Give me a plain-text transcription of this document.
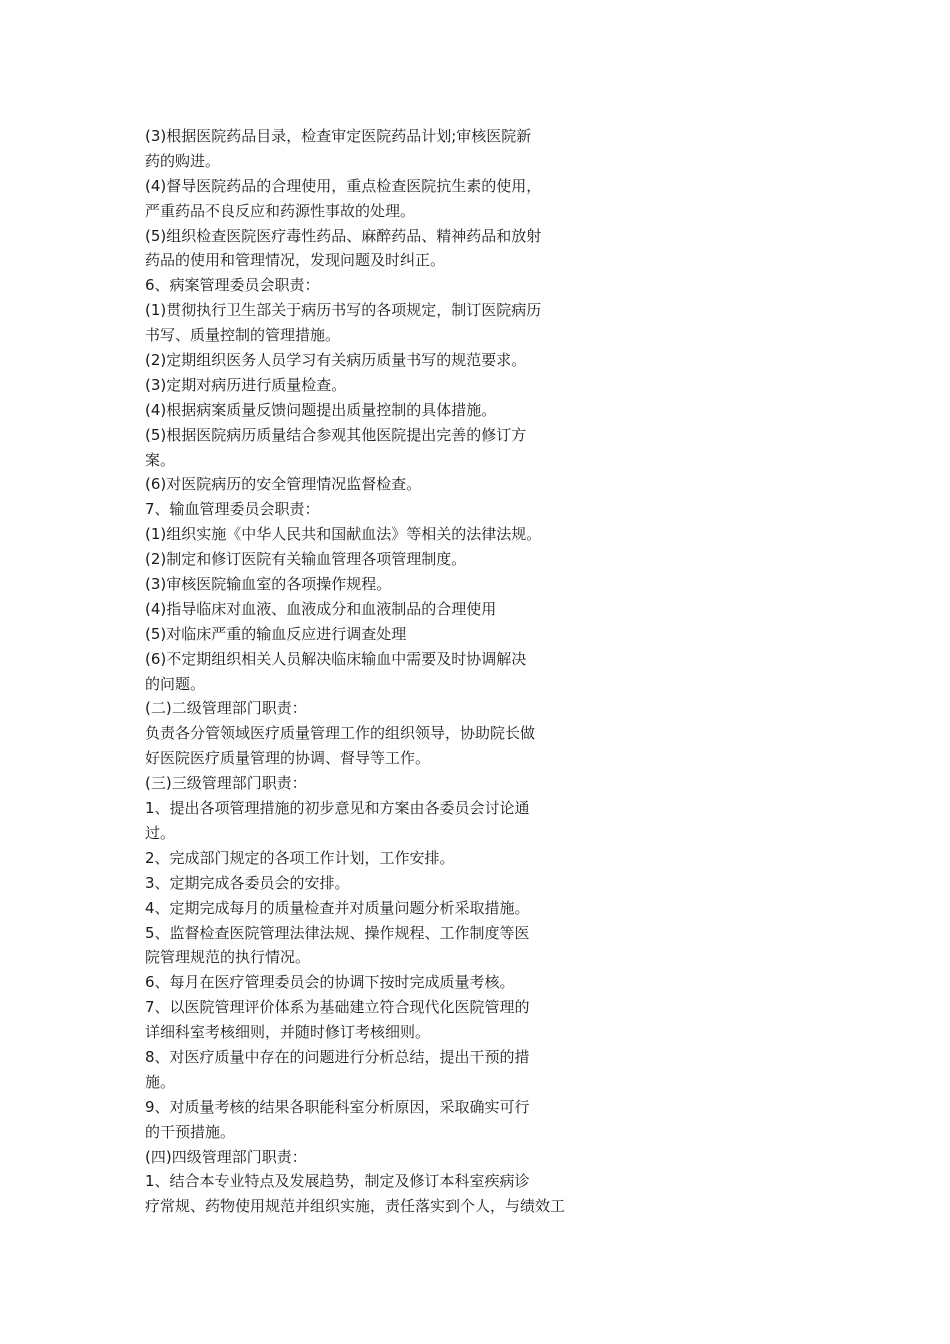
(3)根据医院药品目录，检查审定医院药品计划;审核医院新
药的购进。
(4)督导医院药品的合理使用，重点检查医院抗生素的使用，
严重药品不良反应和药源性事故的处理。
(5)组织检查医院医疗毒性药品、麻醉药品、精神药品和放射
药品的使用和管理情况，发现问题及时纠正。
6、病案管理委员会职责：
(1)贯彻执行卫生部关于病历书写的各项规定，制订医院病历
书写、质量控制的管理措施。
(2)定期组织医务人员学习有关病历质量书写的规范要求。
(3)定期对病历进行质量检查。
(4)根据病案质量反馈问题提出质量控制的具体措施。
(5)根据医院病历质量结合参观其他医院提出完善的修订方
案。
(6)对医院病历的安全管理情况监督检查。
7、输血管理委员会职责：
(1)组织实施《中华人民共和国献血法》等相关的法律法规。
(2)制定和修订医院有关输血管理各项管理制度。
(3)审核医院输血室的各项操作规程。
(4)指导临床对血液、血液成分和血液制品的合理使用
(5)对临床严重的输血反应进行调查处理
(6)不定期组织相关人员解决临床输血中需要及时协调解决
的问题。
(二)二级管理部门职责：
负责各分管领域医疗质量管理工作的组织领导，协助院长做
好医院医疗质量管理的协调、督导等工作。
(三)三级管理部门职责：
1、提出各项管理措施的初步意见和方案由各委员会讨论通
过。
2、完成部门规定的各项工作计划，工作安排。
3、定期完成各委员会的安排。
4、定期完成每月的质量检查并对质量问题分析采取措施。
5、监督检查医院管理法律法规、操作规程、工作制度等医
院管理规范的执行情况。
6、每月在医疗管理委员会的协调下按时完成质量考核。
7、以医院管理评价体系为基础建立符合现代化医院管理的
详细科室考核细则，并随时修订考核细则。
8、对医疗质量中存在的问题进行分析总结，提出干预的措
施。
9、对质量考核的结果各职能科室分析原因，采取确实可行
的干预措施。
(四)四级管理部门职责：
1、结合本专业特点及发展趋势，制定及修订本科室疾病诊
疗常规、药物使用规范并组织实施，责任落实到个人，与绩效工
